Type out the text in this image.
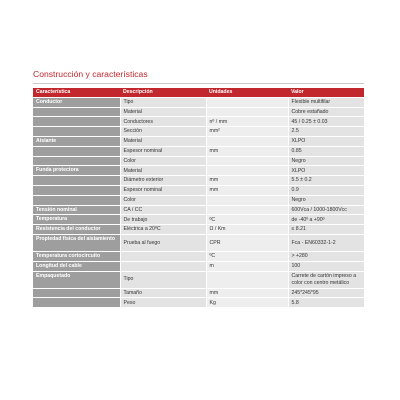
Construcción y características
Característica	Descripción	Unidades	Valor
Conductor	Tipo		Flexible multifilar
	Material		Cobre estañado
	Conductores	nº / mm	45 / 0.25 ± 0.03
	Sección	mm²	2.5
Aislante	Material		XLPO
	Espesor nominal	mm	0.85
	Color		Negro
Funda protectora	Material		XLPO
	Diámetro exterior	mm	5.5 ± 0.2
	Espesor nominal	mm	0.9
	Color		Negro
Tensión nominal	CA / CC		600Vca / 1000-1800Vcc
Temperatura	De trabajo	ºC	de -40º a +90º
Resistencia del conductor	Eléctrica a 20ºC	Ω / Km	≤ 8.21
Propiedad física del aislamiento	Prueba al fuego	CPR	Fca - EN60332-1-2
Temperatura cortocircuito		ºC	> +280
Longitud del cable		m	100
Empaquetado	Tipo		Carrete de cartón impreso a color con centro metálico
	Tamaño	mm	245*245*95
	Peso	Kg	5.8
